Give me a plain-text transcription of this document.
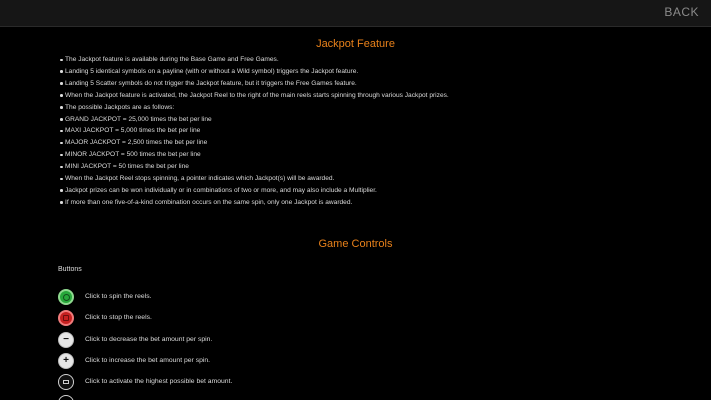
BACK
Jackpot Feature
The Jackpot feature is available during the Base Game and Free Games.
Landing 5 identical symbols on a payline (with or without a Wild symbol) triggers the Jackpot feature.
Landing 5 Scatter symbols do not trigger the Jackpot feature, but it triggers the Free Games feature.
When the Jackpot feature is activated, the Jackpot Reel to the right of the main reels starts spinning through various Jackpot prizes.
The possible Jackpots are as follows:
GRAND JACKPOT = 25,000 times the bet per line
MAXI JACKPOT = 5,000 times the bet per line
MAJOR JACKPOT = 2,500 times the bet per line
MINOR JACKPOT = 500 times the bet per line
MINI JACKPOT = 50 times the bet per line
When the Jackpot Reel stops spinning, a pointer indicates which Jackpot(s) will be awarded.
Jackpot prizes can be won individually or in combinations of two or more, and may also include a Multiplier.
If more than one five-of-a-kind combination occurs on the same spin, only one Jackpot is awarded.
Game Controls
Buttons
Click to spin the reels.
Click to stop the reels.
− Click to decrease the bet amount per spin.
+ Click to increase the bet amount per spin.
Click to activate the highest possible bet amount.
